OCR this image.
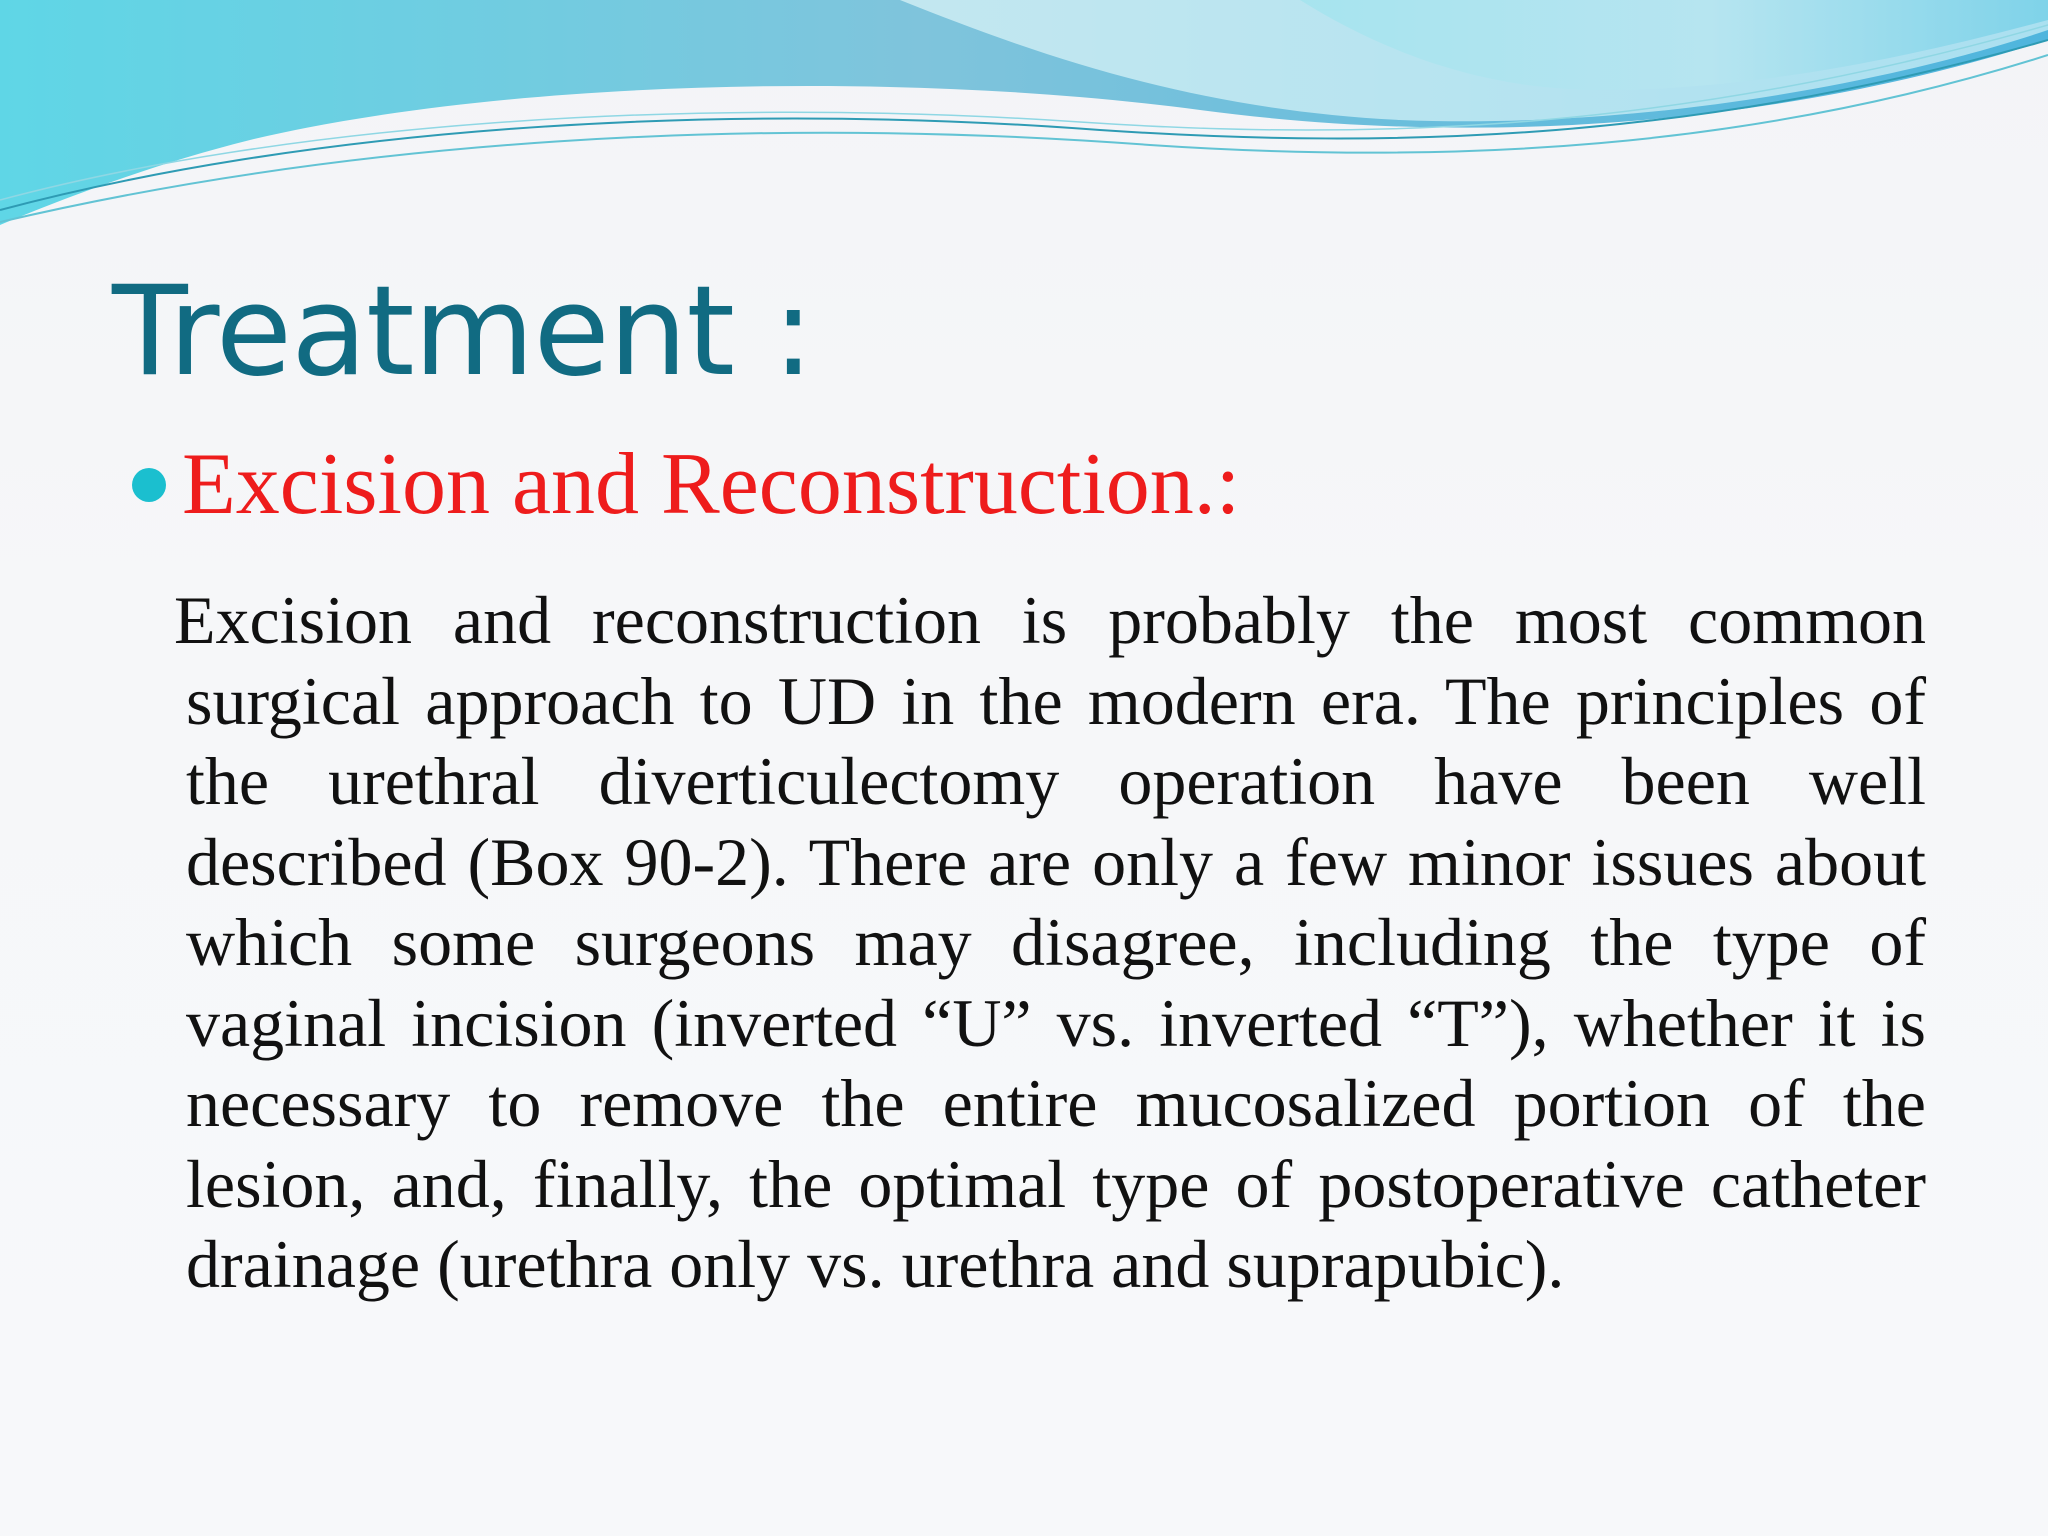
Treatment :
Excision and Reconstruction.:

Excision and reconstruction is probably the most common surgical approach to UD in the modern era. The principles of the urethral diverticulectomy operation have been well described (Box 90-2). There are only a few minor issues about which some surgeons may disagree, including the type of vaginal incision (inverted “U” vs. inverted “T”), whether it is necessary to remove the entire mucosalized portion of the lesion, and, finally, the optimal type of postoperative catheter drainage (urethra only vs. urethra and suprapubic).
